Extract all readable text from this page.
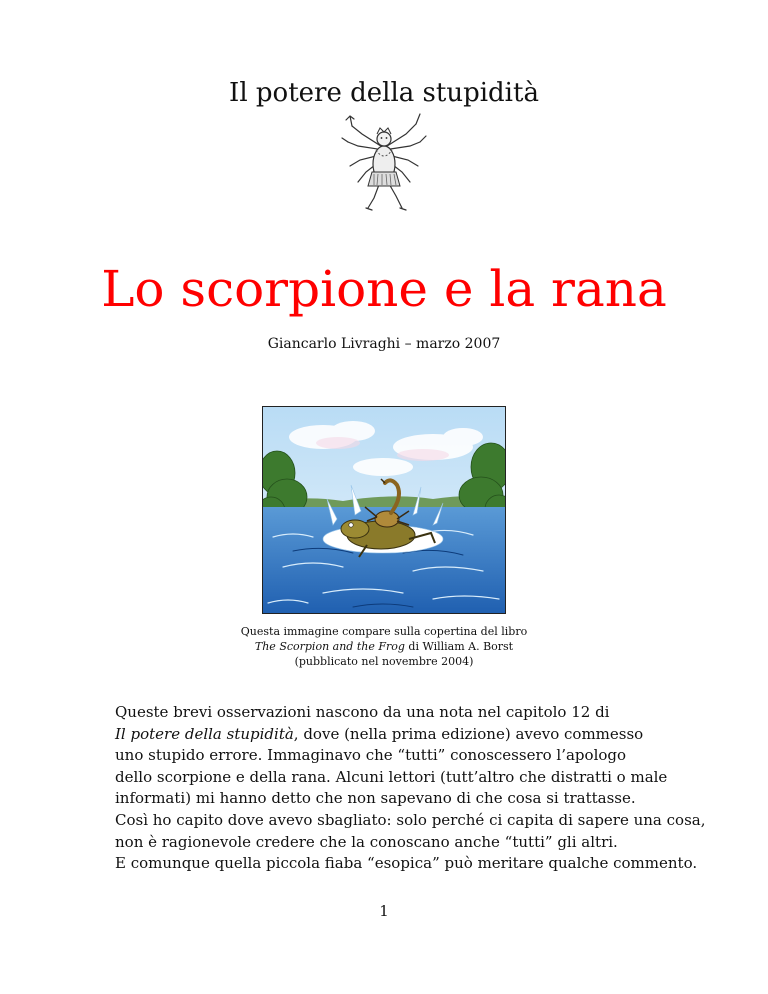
Il potere della stupidità
Lo scorpione e la rana
Giancarlo Livraghi – marzo 2007
Questa immagine compare sulla copertina del libro
The Scorpion and the Frog di William A. Borst
(pubblicato nel novembre 2004)

Queste brevi osservazioni nascono da una nota nel capitolo 12 di

Il potere della stupidità, dove (nella prima edizione) avevo commesso

uno stupido errore. Immaginavo che “tutti” conoscessero l’apologo

dello scorpione e della rana. Alcuni lettori (tutt’altro che distratti o male

informati) mi hanno detto che non sapevano di che cosa si trattasse.

Così ho capito dove avevo sbagliato: solo perché ci capita di sapere una cosa,

non è ragionevole credere che la conoscano anche “tutti” gli altri.

E comunque quella piccola fiaba “esopica” può meritare qualche commento.

1
